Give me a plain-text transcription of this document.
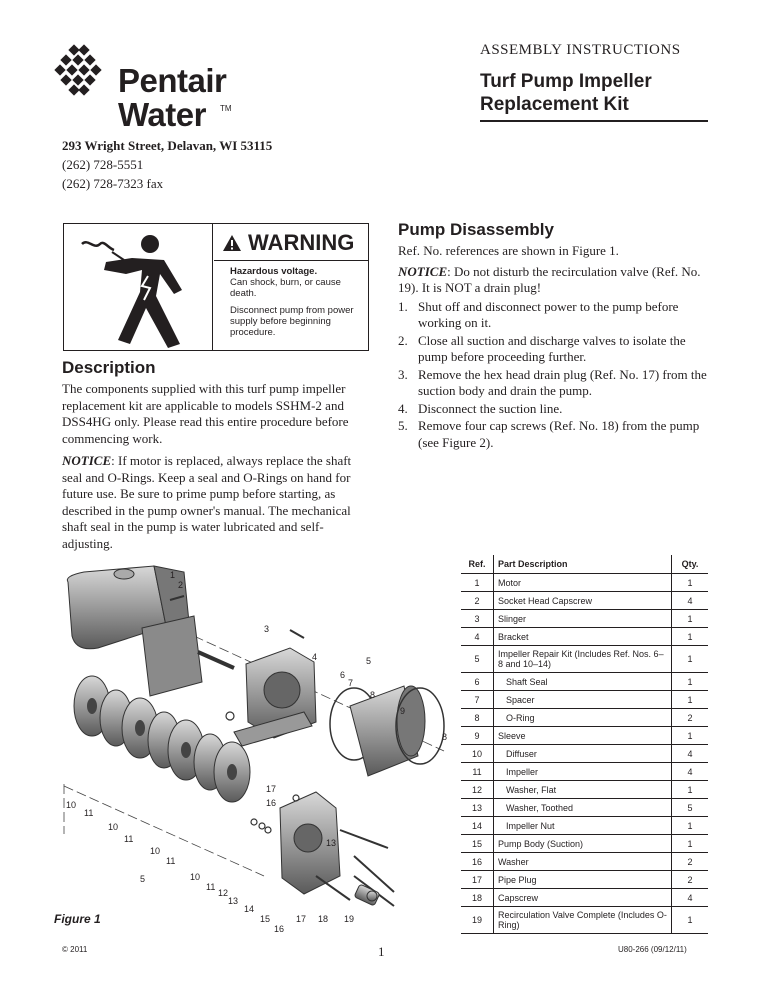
Pentair
Water TM
293 Wright Street, Delavan, WI 53115
(262) 728-5551
(262) 728-7323 fax
ASSEMBLY INSTRUCTIONS
Turf Pump Impeller
Replacement Kit
WARNING

Hazardous voltage.

Can shock, burn, or cause death.

Disconnect pump from power supply before beginning procedure.

Description

The components supplied with this turf pump impeller replacement kit are applicable to models SSHM-2 and DSS4HG only. Please read this entire procedure before commencing work.

NOTICE: If motor is replaced, always replace the shaft seal and O-Rings. Keep a seal and O-Rings on hand for future use. Be sure to prime pump before starting, as described in the pump owner's manual. The mechanical shaft seal in the pump is water lubricated and self-adjusting.

Pump Disassembly

Ref. No. references are shown in Figure 1.

NOTICE: Do not disturb the recirculation valve (Ref. No. 19). It is NOT a drain plug!

1. Shut off and disconnect power to the pump before working on it.
2. Close all suction and discharge valves to isolate the pump before proceeding further.
3. Remove the hex head drain plug (Ref. No. 17) from the suction body and drain the pump.
4. Disconnect the suction line.
5. Remove four cap screws (Ref. No. 18) from the pump (see Figure 2).
1
2
3
4	5
6
7
8
9
8
10
11
10
11
10
11
5	10
11
12
13
14
15
16
17
16
13
17 18 19
Figure 1
Ref.	Part Description	Qty.
1	Motor	1
2	Socket Head Capscrew	4
3	Slinger	1
4	Bracket	1
5	Impeller Repair Kit (Includes Ref. Nos. 6–8 and 10–14)	1
6	Shaft Seal	1
7	Spacer	1
8	O-Ring	2
9	Sleeve	1
10	Diffuser	4
11	Impeller	4
12	Washer, Flat	1
13	Washer, Toothed	5
14	Impeller Nut	1
15	Pump Body (Suction)	1
16	Washer	2
17	Pipe Plug	2
18	Capscrew	4
19	Recirculation Valve Complete (Includes O-Ring)	1
© 2011	1	U80-266 (09/12/11)
